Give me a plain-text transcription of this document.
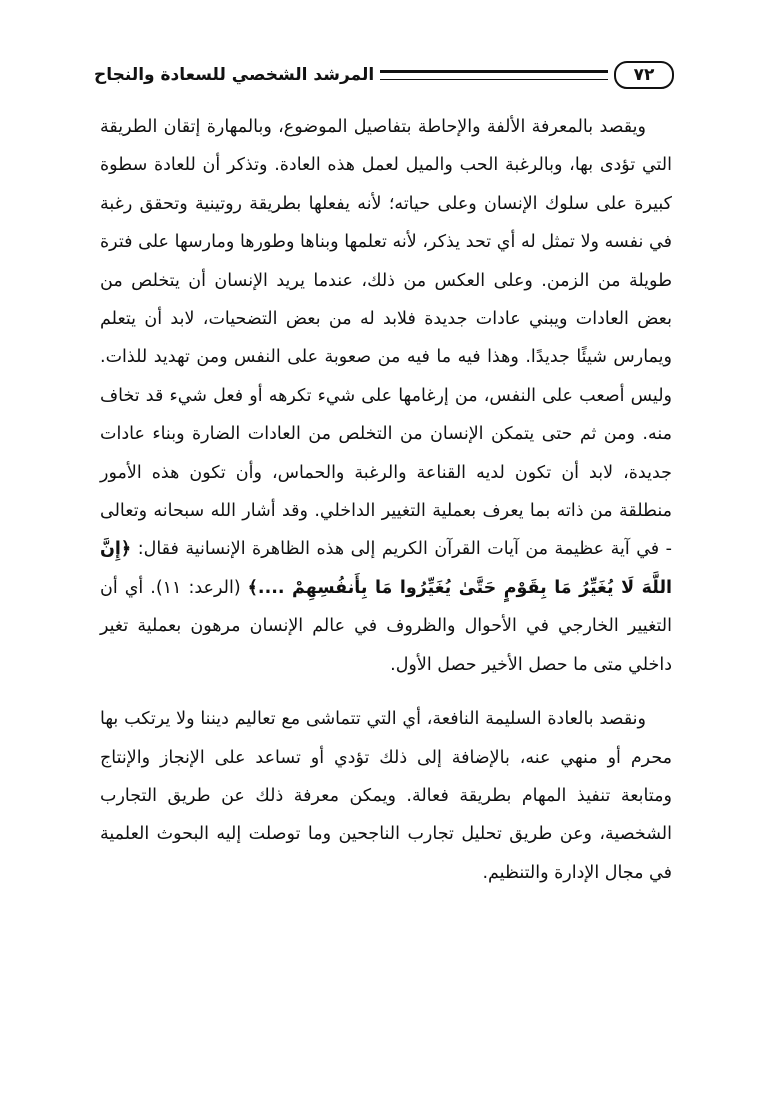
٧٢
المرشد الشخصي للسعادة والنجاح

ويقصد بالمعرفة الألفة والإحاطة بتفاصيل الموضوع، وبالمهارة إتقان الطريقة التي تؤدى بها، وبالرغبة الحب والميل لعمل هذه العادة. وتذكر أن للعادة سطوة كبيرة على سلوك الإنسان وعلى حياته؛ لأنه يفعلها بطريقة روتينية وتحقق رغبة في نفسه ولا تمثل له أي تحد يذكر، لأنه تعلمها وبناها وطورها ومارسها على فترة طويلة من الزمن. وعلى العكس من ذلك، عندما يريد الإنسان أن يتخلص من بعض العادات ويبني عادات جديدة فلابد له من بعض التضحيات، لابد أن يتعلم ويمارس شيئًا جديدًا. وهذا فيه ما فيه من صعوبة على النفس ومن تهديد للذات. وليس أصعب على النفس، من إرغامها على شيء تكرهه أو فعل شيء قد تخاف منه. ومن ثم حتى يتمكن الإنسان من التخلص من العادات الضارة وبناء عادات جديدة، لابد أن تكون لديه القناعة والرغبة والحماس، وأن تكون هذه الأمور منطلقة من ذاته بما يعرف بعملية التغيير الداخلي. وقد أشار الله سبحانه وتعالى - في آية عظيمة من آيات القرآن الكريم إلى هذه الظاهرة الإنسانية فقال: ﴿إِنَّ اللَّهَ لَا يُغَيِّرُ مَا بِقَوْمٍ حَتَّىٰ يُغَيِّرُوا مَا بِأَنفُسِهِمْ ....﴾ (الرعد: ١١). أي أن التغيير الخارجي في الأحوال والظروف في عالم الإنسان مرهون بعملية تغير داخلي متى ما حصل الأخير حصل الأول.

ونقصد بالعادة السليمة النافعة، أي التي تتماشى مع تعاليم ديننا ولا يرتكب بها محرم أو منهي عنه، بالإضافة إلى ذلك تؤدي أو تساعد على الإنجاز والإنتاج ومتابعة تنفيذ المهام بطريقة فعالة. ويمكن معرفة ذلك عن طريق التجارب الشخصية، وعن طريق تحليل تجارب الناجحين وما توصلت إليه البحوث العلمية في مجال الإدارة والتنظيم.
